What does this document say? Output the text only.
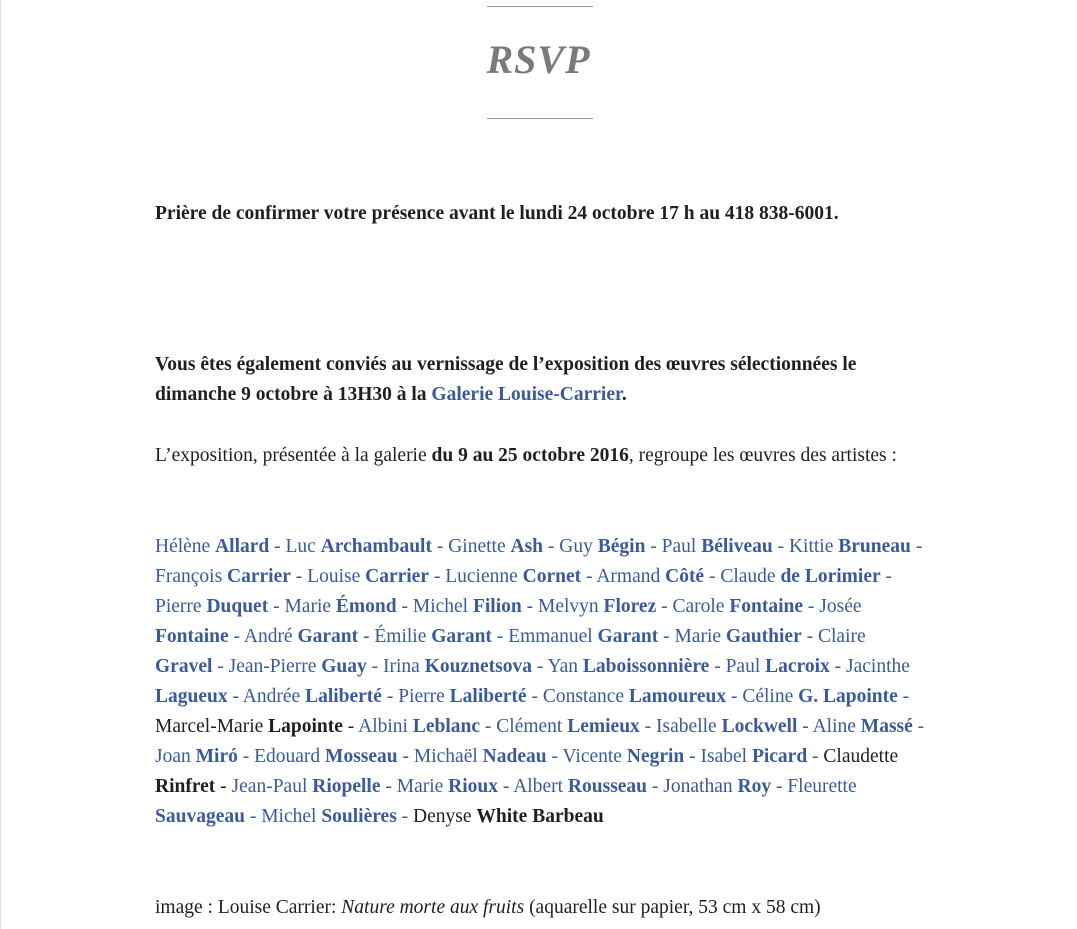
RSVP

Prière de confirmer votre présence avant le lundi 24 octobre 17 h au 418 838-6001.

Vous êtes également conviés au vernissage de l’exposition des œuvres sélectionnées le dimanche 9 octobre à 13H30 à la Galerie Louise-Carrier.

L’exposition, présentée à la galerie du 9 au 25 octobre 2016, regroupe les œuvres des artistes :

Hélène Allard - Luc Archambault - Ginette Ash - Guy Bégin - Paul Béliveau - Kittie Bruneau - François Carrier - Louise Carrier - Lucienne Cornet - Armand Côté - Claude de Lorimier - Pierre Duquet - Marie Émond - Michel Filion - Melvyn Florez - Carole Fontaine - Josée Fontaine - André Garant - Émilie Garant - Emmanuel Garant - Marie Gauthier - Claire Gravel - Jean-Pierre Guay - Irina Kouznetsova - Yan Laboissonnière - Paul Lacroix - Jacinthe Lagueux - Andrée Laliberté - Pierre Laliberté - Constance Lamoureux - Céline G. Lapointe - Marcel-Marie Lapointe - Albini Leblanc - Clément Lemieux - Isabelle Lockwell - Aline Massé - Joan Miró - Edouard Mosseau - Michaël Nadeau - Vicente Negrin - Isabel Picard - Claudette Rinfret - Jean-Paul Riopelle - Marie Rioux - Albert Rousseau - Jonathan Roy - Fleurette Sauvageau - Michel Soulières - Denyse White Barbeau

image : Louise Carrier: Nature morte aux fruits (aquarelle sur papier, 53 cm x 58 cm)
